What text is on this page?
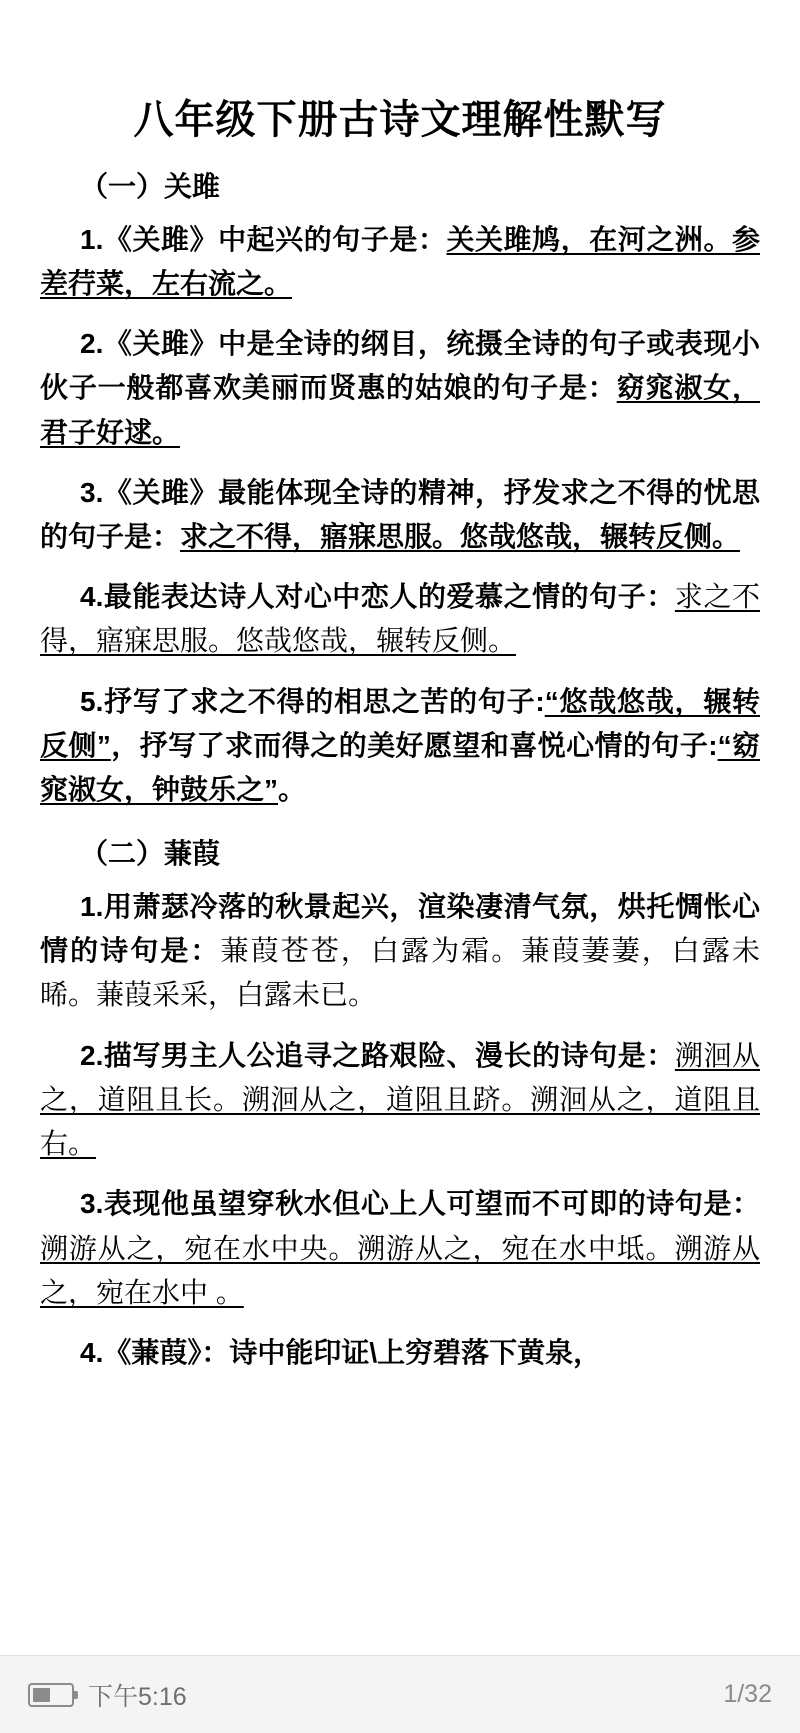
八年级下册古诗文理解性默写
（一）关雎

1.《关雎》中起兴的句子是：关关雎鸠，在河之洲。参差荇菜，左右流之。

2.《关雎》中是全诗的纲目，统摄全诗的句子或表现小伙子一般都喜欢美丽而贤惠的姑娘的句子是：窈窕淑女，君子好逑。

3.《关雎》最能体现全诗的精神，抒发求之不得的忧思的句子是：求之不得，寤寐思服。悠哉悠哉，辗转反侧。

4.最能表达诗人对心中恋人的爱慕之情的句子：求之不得，寤寐思服。悠哉悠哉，辗转反侧。

5.抒写了求之不得的相思之苦的句子:“悠哉悠哉，辗转反侧”，抒写了求而得之的美好愿望和喜悦心情的句子:“窈窕淑女，钟鼓乐之”。

（二）蒹葭

1.用萧瑟冷落的秋景起兴，渲染凄清气氛，烘托惆怅心情的诗句是：蒹葭苍苍，白露为霜。蒹葭萋萋，白露未晞。蒹葭采采，白露未已。

2.描写男主人公追寻之路艰险、漫长的诗句是：溯洄从之，道阻且长。溯洄从之，道阻且跻。溯洄从之，道阻且右。

3.表现他虽望穿秋水但心上人可望而不可即的诗句是：溯游从之，宛在水中央。溯游从之，宛在水中坻。溯游从之，宛在水中 。

4.《蒹葭》：诗中能印证\上穷碧落下黄泉，

下午5:16	1/32
